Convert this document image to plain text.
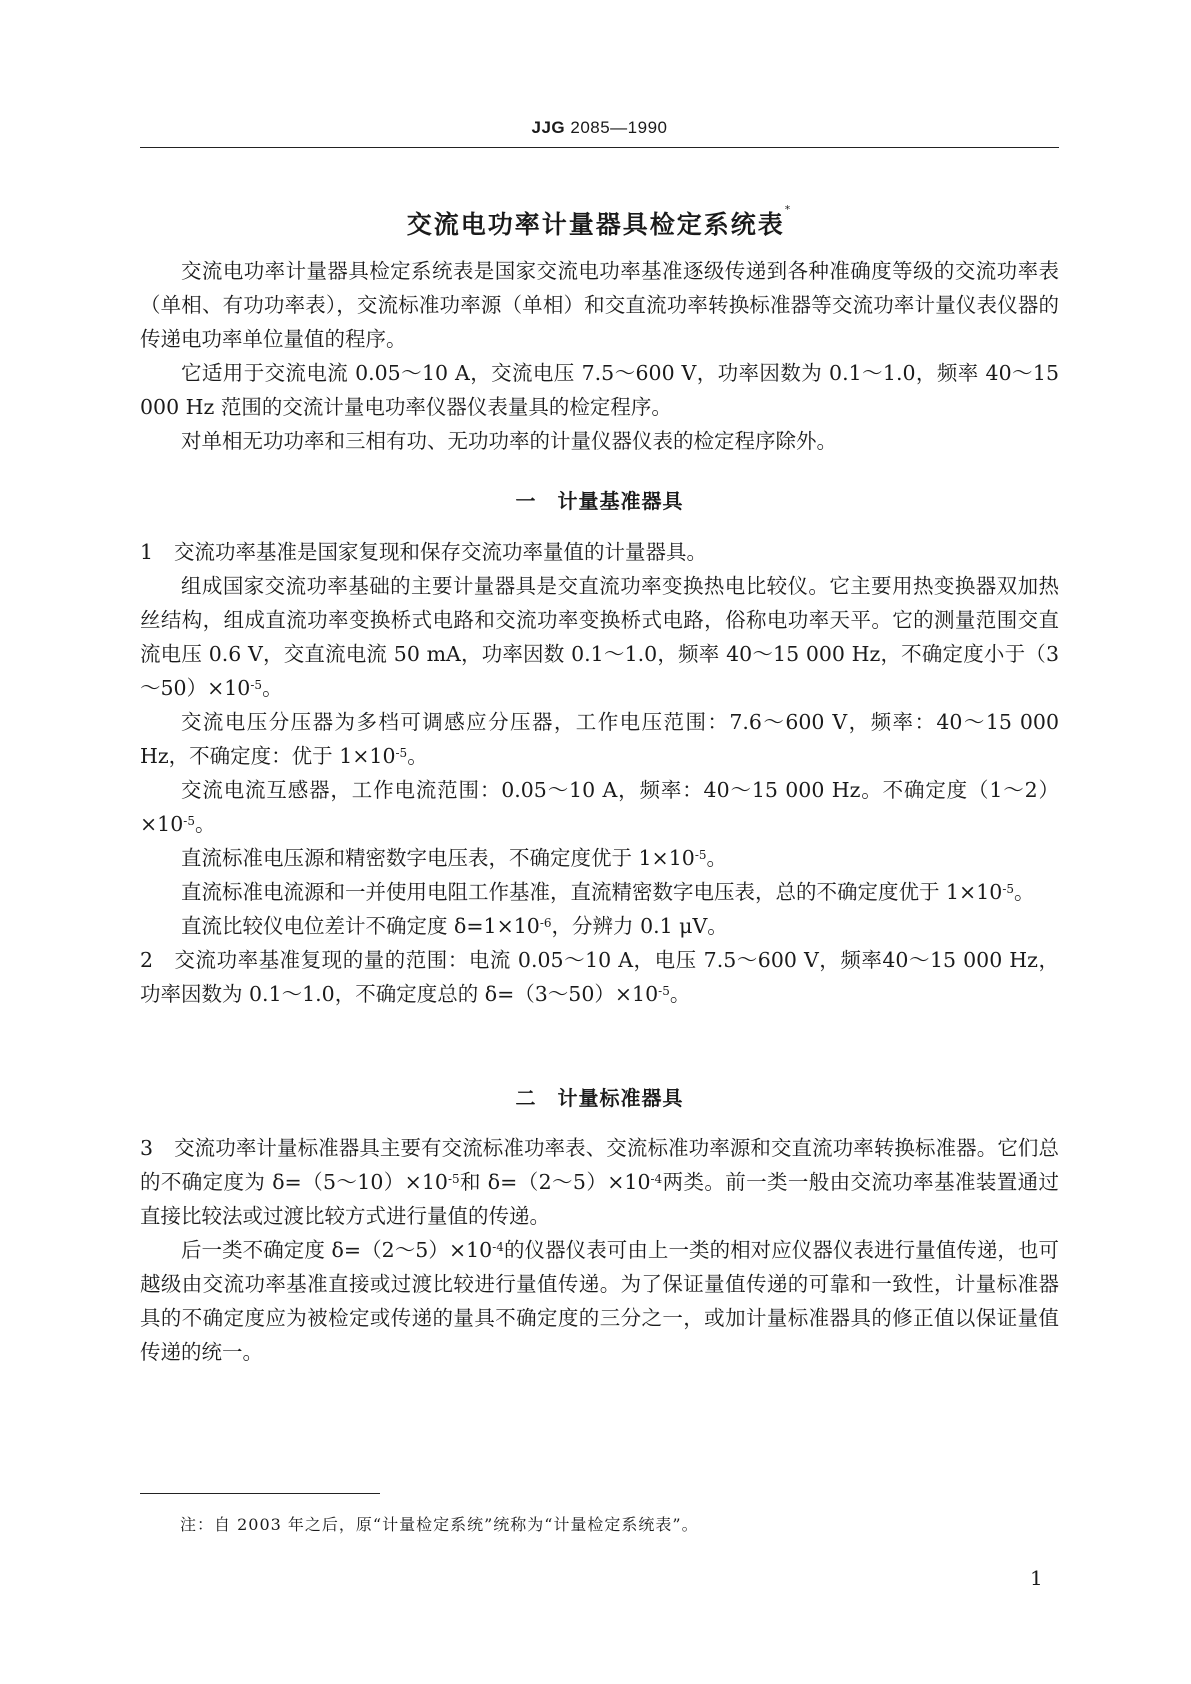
JJG 2085—1990
交流电功率计量器具检定系统表*

交流电功率计量器具检定系统表是国家交流电功率基准逐级传递到各种准确度等级的交流功率表（单相、有功功率表），交流标准功率源（单相）和交直流功率转换标准器等交流功率计量仪表仪器的传递电功率单位量值的程序。

它适用于交流电流 0.05～10 A，交流电压 7.5～600 V，功率因数为 0.1～1.0，频率 40～15 000 Hz 范围的交流计量电功率仪器仪表量具的检定程序。

对单相无功功率和三相有功、无功功率的计量仪器仪表的检定程序除外。

一　计量基准器具

1 交流功率基准是国家复现和保存交流功率量值的计量器具。

组成国家交流功率基础的主要计量器具是交直流功率变换热电比较仪。它主要用热变换器双加热丝结构，组成直流功率变换桥式电路和交流功率变换桥式电路，俗称电功率天平。它的测量范围交直流电压 0.6 V，交直流电流 50 mA，功率因数 0.1～1.0，频率 40～15 000 Hz，不确定度小于$(3\sim 50)\times 10^{-5}$。

交流电压分压器为多档可调感应分压器，工作电压范围：7.6～600 V，频率：40～15 000 Hz，不确定度：优于 $1\times 10^{-5}$。

交流电流互感器，工作电流范围：0.05～10 A，频率：40～15 000 Hz。不确定度$(1\sim 2)\times 10^{-5}$。

直流标准电压源和精密数字电压表，不确定度优于 $1\times 10^{-5}$。

直流标准电流源和一并使用电阻工作基准，直流精密数字电压表，总的不确定度优于 $1\times 10^{-5}$。

直流比较仪电位差计不确定度 $\delta=1\times 10^{-6}$，分辨力 0.1 μV。

2 交流功率基准复现的量的范围：电流 0.05～10 A，电压 7.5～600 V，频率40～15 000 Hz，功率因数为 0.1～1.0，不确定度总的 $\delta=(3\sim 50)\times 10^{-5}$。

二　计量标准器具

3 交流功率计量标准器具主要有交流标准功率表、交流标准功率源和交直流功率转换标准器。它们总的不确定度为 $\delta=(5\sim 10)\times 10^{-5}$和 $\delta=(2\sim 5)\times 10^{-4}$两类。前一类一般由交流功率基准装置通过直接比较法或过渡比较方式进行量值的传递。

后一类不确定度 $\delta=(2\sim 5)\times 10^{-4}$的仪器仪表可由上一类的相对应仪器仪表进行量值传递，也可越级由交流功率基准直接或过渡比较进行量值传递。为了保证量值传递的可靠和一致性，计量标准器具的不确定度应为被检定或传递的量具不确定度的三分之一，或加计量标准器具的修正值以保证量值传递的统一。

注：自 2003 年之后，原“计量检定系统”统称为“计量检定系统表”。
1
